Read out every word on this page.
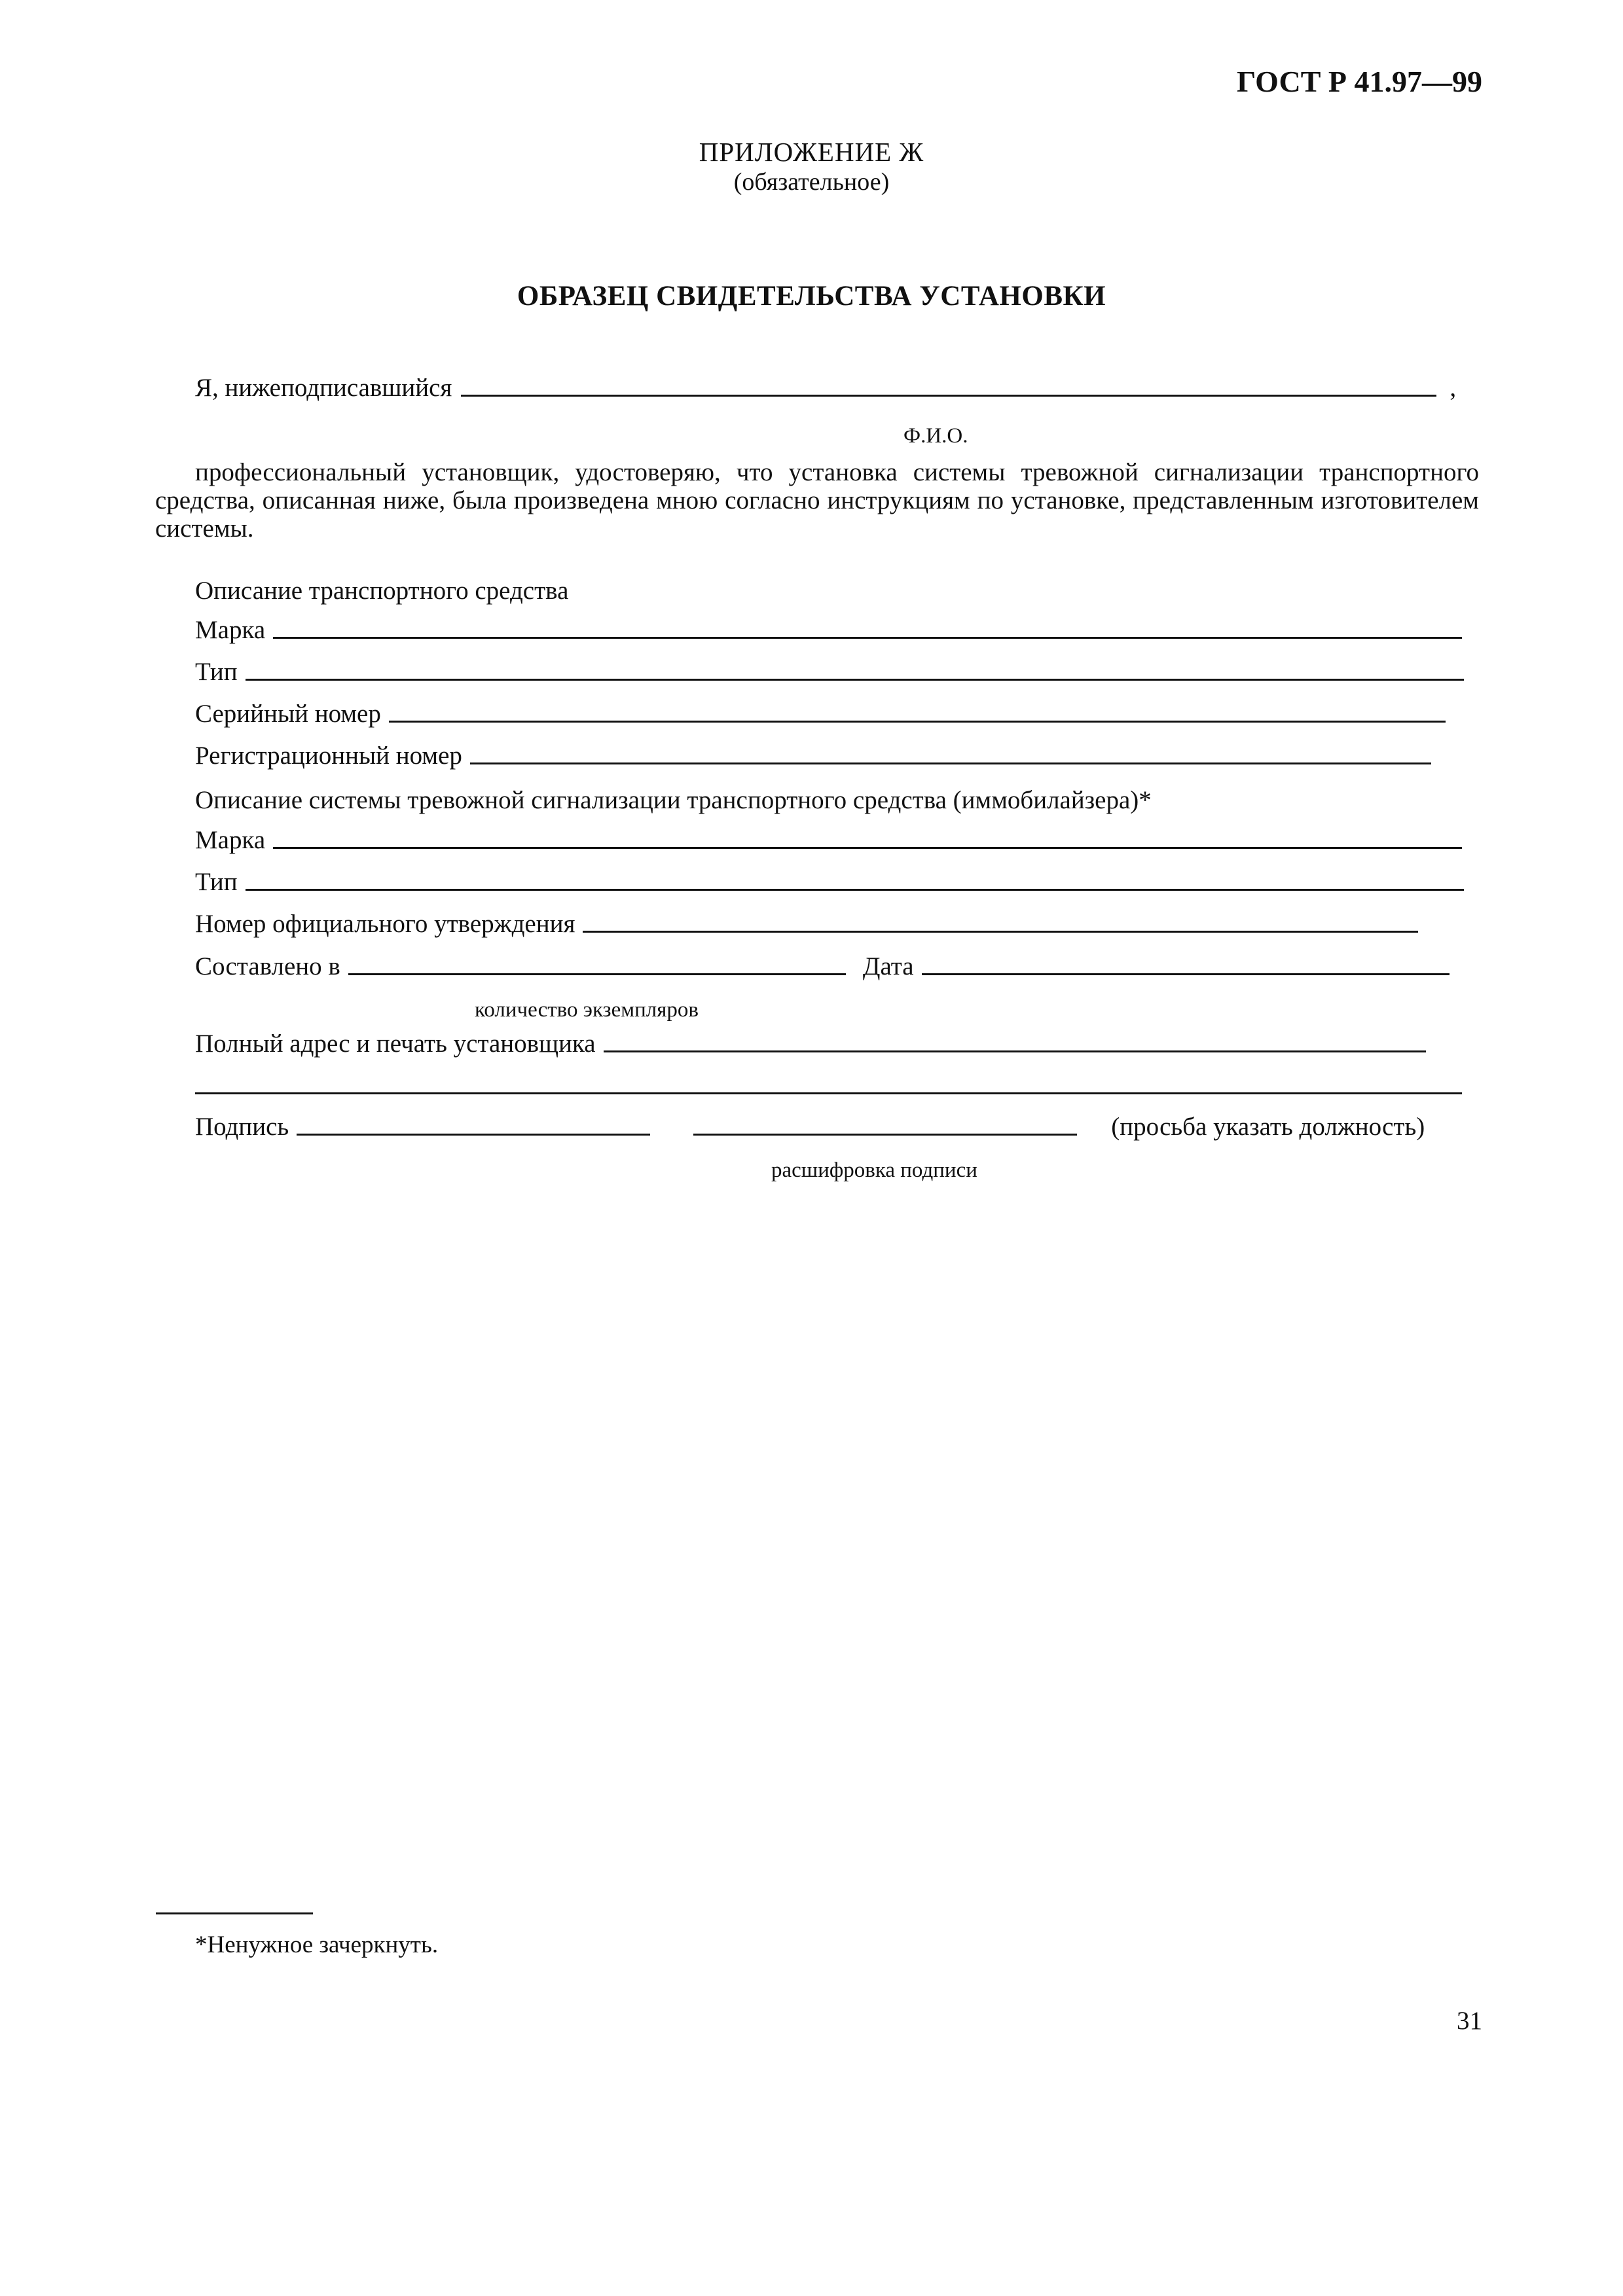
ГОСТ Р 41.97—99
ПРИЛОЖЕНИЕ Ж
(обязательное)
ОБРАЗЕЦ СВИДЕТЕЛЬСТВА УСТАНОВКИ
Я, нижеподписавшийся	,
Ф.И.О.
профессиональный установщик, удостоверяю, что установка системы тревожной сигнализации транспортного средства, описанная ниже, была произведена мною согласно инструкциям по установке, представленным изготовителем системы.
Описание транспортного средства
Марка
Тип
Серийный номер
Регистрационный номер
Описание системы тревожной сигнализации транспортного средства (иммобилайзера)*
Марка
Тип
Номер официального утверждения
Составлено в	Дата
количество экземпляров
Полный адрес и печать установщика
Подпись	(просьба указать должность)
расшифровка подписи
*Ненужное зачеркнуть.
31
